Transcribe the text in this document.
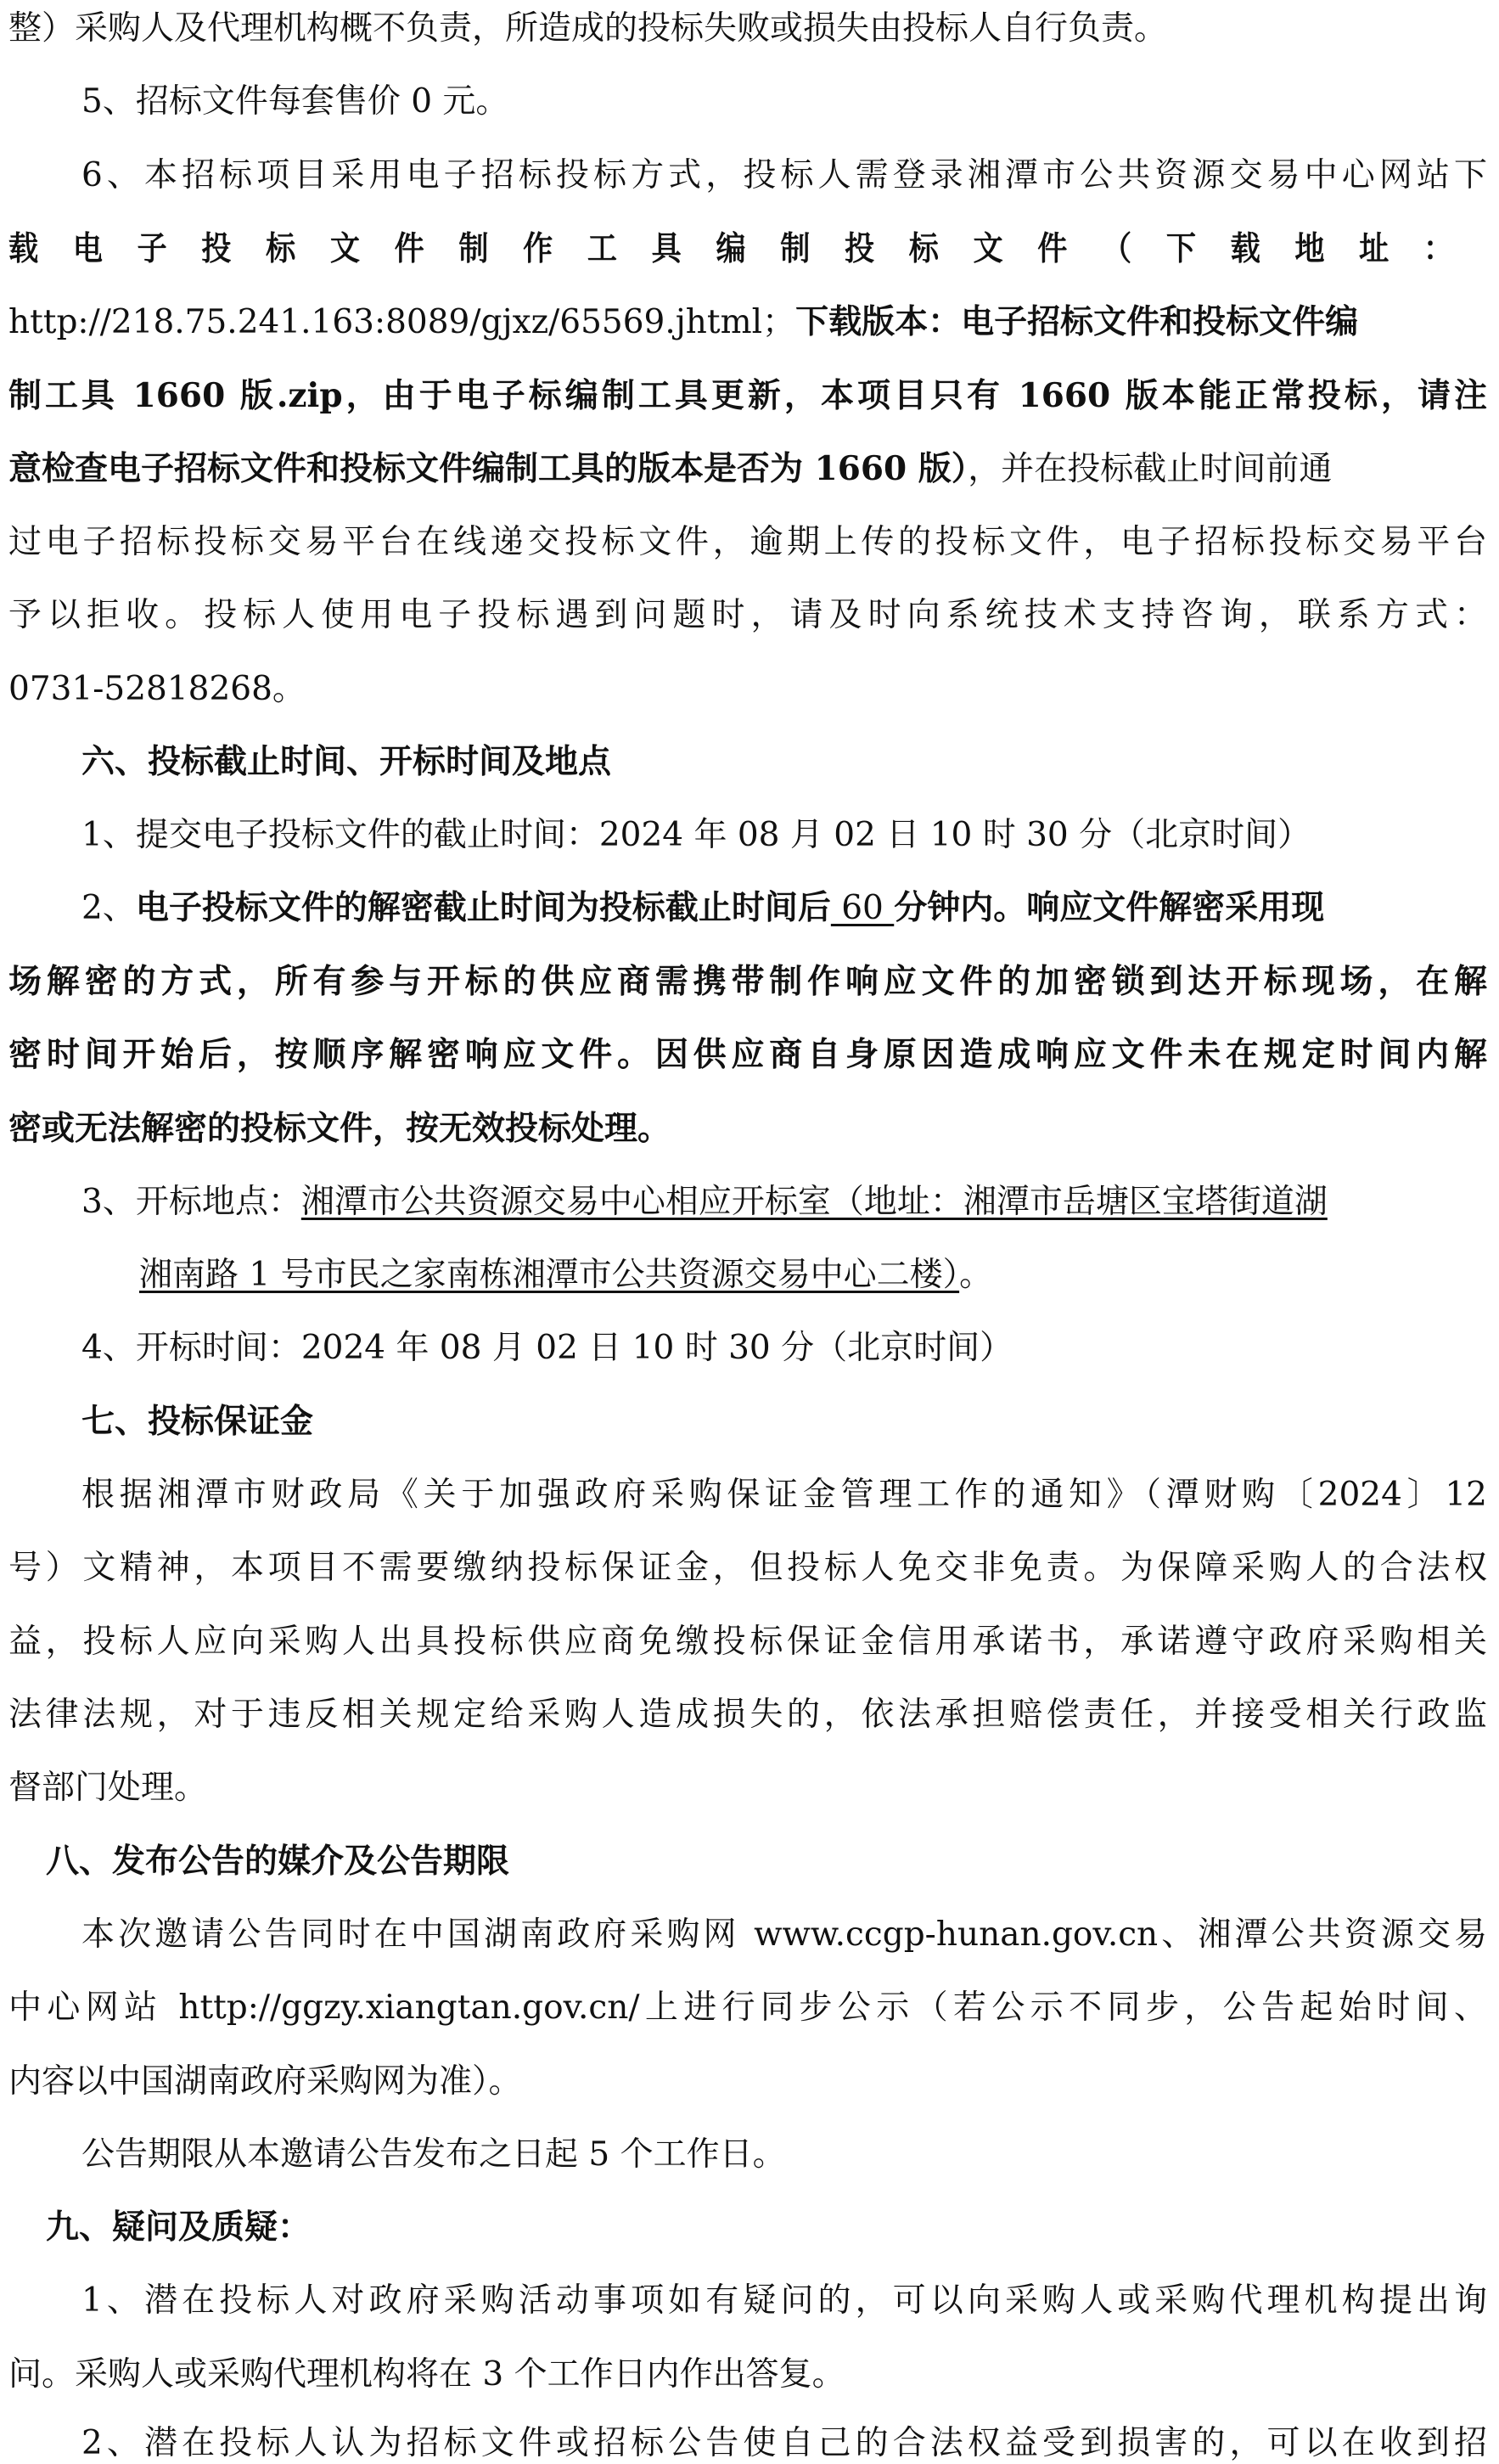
整）采购人及代理机构概不负责，所造成的投标失败或损失由投标人自行负责。
5、招标文件每套售价 0 元。
6、本招标项目采用电子招标投标方式，投标人需登录湘潭市公共资源交易中心网站下
载电子投标文件制作工具编制投标文件（下载地址：
http://218.75.241.163:8089/gjxz/65569.jhtml；下载版本：电子招标文件和投标文件编
制工具 1660 版.zip，由于电子标编制工具更新，本项目只有 1660 版本能正常投标，请注
意检查电子招标文件和投标文件编制工具的版本是否为 1660 版），并在投标截止时间前通
过电子招标投标交易平台在线递交投标文件，逾期上传的投标文件，电子招标投标交易平台
予以拒收。投标人使用电子投标遇到问题时，请及时向系统技术支持咨询，联系方式：
0731-52818268。
六、投标截止时间、开标时间及地点
1、提交电子投标文件的截止时间：2024 年 08 月 02 日 10 时 30 分（北京时间）
2、电子投标文件的解密截止时间为投标截止时间后 60 分钟内。响应文件解密采用现
场解密的方式，所有参与开标的供应商需携带制作响应文件的加密锁到达开标现场，在解
密时间开始后，按顺序解密响应文件。因供应商自身原因造成响应文件未在规定时间内解
密或无法解密的投标文件，按无效投标处理。
3、开标地点：湘潭市公共资源交易中心相应开标室（地址：湘潭市岳塘区宝塔街道湖
湘南路 1 号市民之家南栋湘潭市公共资源交易中心二楼）。
4、开标时间：2024 年 08 月 02 日 10 时 30 分（北京时间）
七、投标保证金
根据湘潭市财政局《关于加强政府采购保证金管理工作的通知》（潭财购〔2024〕12
号）文精神，本项目不需要缴纳投标保证金，但投标人免交非免责。为保障采购人的合法权
益，投标人应向采购人出具投标供应商免缴投标保证金信用承诺书，承诺遵守政府采购相关
法律法规，对于违反相关规定给采购人造成损失的，依法承担赔偿责任，并接受相关行政监
督部门处理。
八、发布公告的媒介及公告期限
本次邀请公告同时在中国湖南政府采购网 www.ccgp-hunan.gov.cn、湘潭公共资源交易
中心网站 http://ggzy.xiangtan.gov.cn/上进行同步公示（若公示不同步，公告起始时间、
内容以中国湖南政府采购网为准）。
公告期限从本邀请公告发布之日起 5 个工作日。
九、疑问及质疑：
1、潜在投标人对政府采购活动事项如有疑问的，可以向采购人或采购代理机构提出询
问。采购人或采购代理机构将在 3 个工作日内作出答复。
2、潜在投标人认为招标文件或招标公告使自己的合法权益受到损害的，可以在收到招
